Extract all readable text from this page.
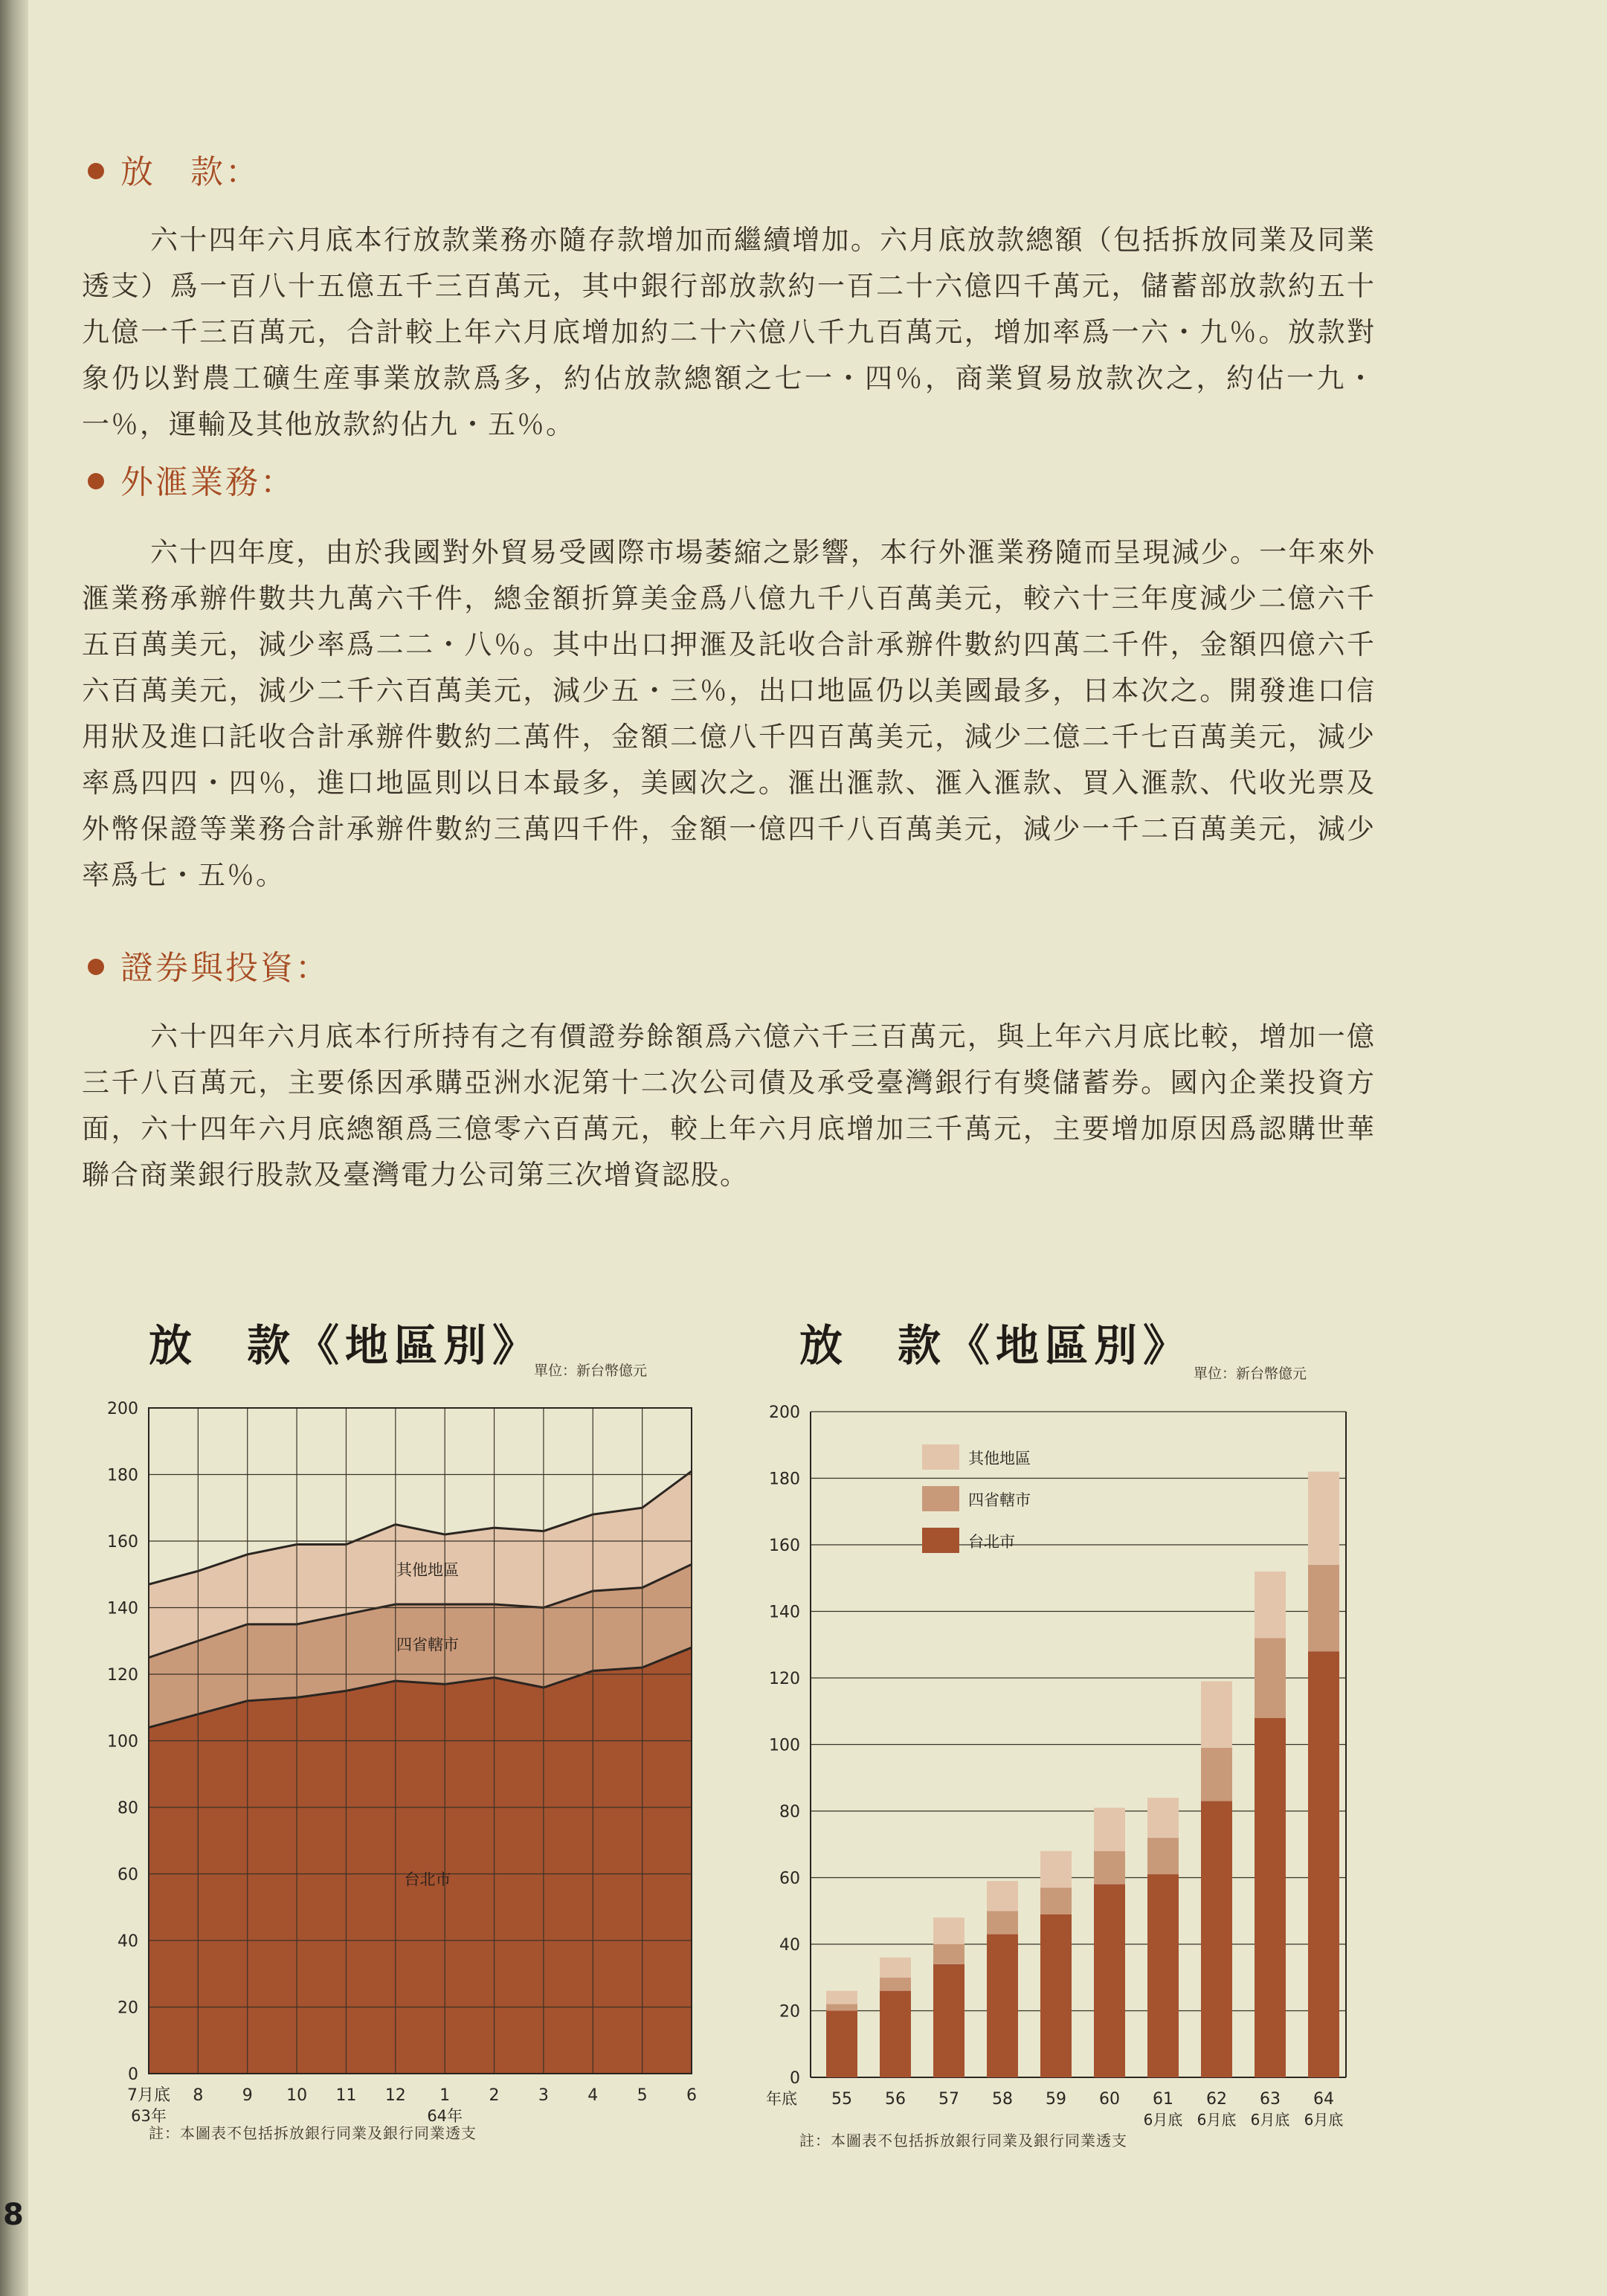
放　款：
六十四年六月底本行放款業務亦隨存款增加而繼續增加。六月底放款總額（包括拆放同業及同業透支）爲一百八十五億五千三百萬元，其中銀行部放款約一百二十六億四千萬元，儲蓄部放款約五十九億一千三百萬元，合計較上年六月底增加約二十六億八千九百萬元，增加率爲一六・九％。放款對象仍以對農工礦生産事業放款爲多，約佔放款總額之七一・四％，商業貿易放款次之，約佔一九・一％，運輸及其他放款約佔九・五％。
外滙業務：
六十四年度，由於我國對外貿易受國際市場萎縮之影響，本行外滙業務隨而呈現減少。一年來外滙業務承辦件數共九萬六千件，總金額折算美金爲八億九千八百萬美元，較六十三年度減少二億六千五百萬美元，減少率爲二二・八％。其中出口押滙及託收合計承辦件數約四萬二千件，金額四億六千六百萬美元，減少二千六百萬美元，減少五・三％，出口地區仍以美國最多，日本次之。開發進口信用狀及進口託收合計承辦件數約二萬件，金額二億八千四百萬美元，減少二億二千七百萬美元，減少率爲四四・四％，進口地區則以日本最多，美國次之。滙出滙款、滙入滙款、買入滙款、代收光票及外幣保證等業務合計承辦件數約三萬四千件，金額一億四千八百萬美元，減少一千二百萬美元，減少率爲七・五％。
證券與投資：
六十四年六月底本行所持有之有價證券餘額爲六億六千三百萬元，與上年六月底比較，增加一億三千八百萬元，主要係因承購亞洲水泥第十二次公司債及承受臺灣銀行有獎儲蓄券。國內企業投資方面，六十四年六月底總額爲三億零六百萬元，較上年六月底增加三千萬元，主要增加原因爲認購世華聯合商業銀行股款及臺灣電力公司第三次增資認股。
放　款《地區別》
單位：新台幣億元
200
180
160
140
120
100
80
60
40
20
0
7月底 8 9 10 11 12 1 2 3 4 5 6
63年	64年
台北市
四省轄市
其他地區
註：本圖表不包括拆放銀行同業及銀行同業透支
放　款《地區別》
單位：新台幣億元
55 56 57 58 59 60 61
6月底
62
6月底
63
6月底
64
6月底
年底
200
180
160
140
120
100
80
60
40
20
0
其他地區
四省轄市
台北市
註：本圖表不包括拆放銀行同業及銀行同業透支
8
